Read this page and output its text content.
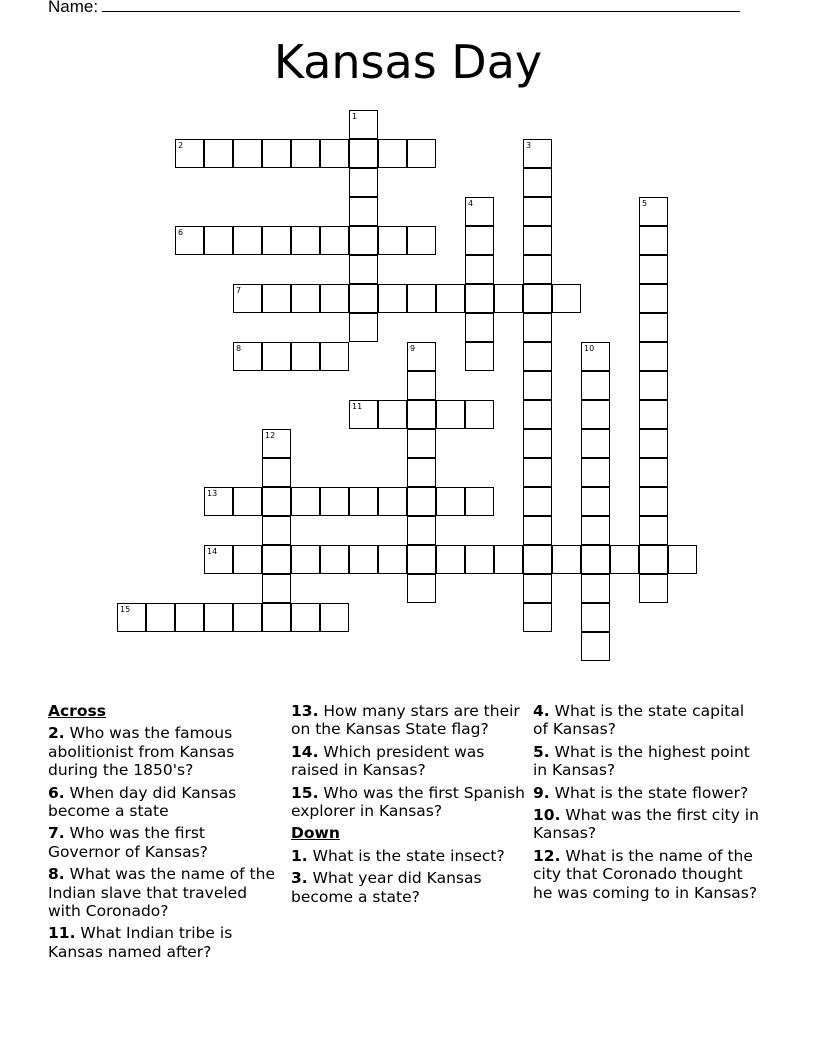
Name:
Kansas Day
1
2	3
4	5
6
7
8	9	10
11
12
13
14
15
Across
2. Who was the famous abolitionist from Kansas during the 1850's?
6. When day did Kansas become a state
7. Who was the first Governor of Kansas?
8. What was the name of the Indian slave that traveled with Coronado?
11. What Indian tribe is Kansas named after?
13. How many stars are their on the Kansas State flag?
14. Which president was raised in Kansas?
15. Who was the first Spanish explorer in Kansas?
Down
1. What is the state insect?
3. What year did Kansas become a state?
4. What is the state capital of Kansas?
5. What is the highest point in Kansas?
9. What is the state flower?
10. What was the first city in Kansas?
12. What is the name of the city that Coronado thought he was coming to in Kansas?
